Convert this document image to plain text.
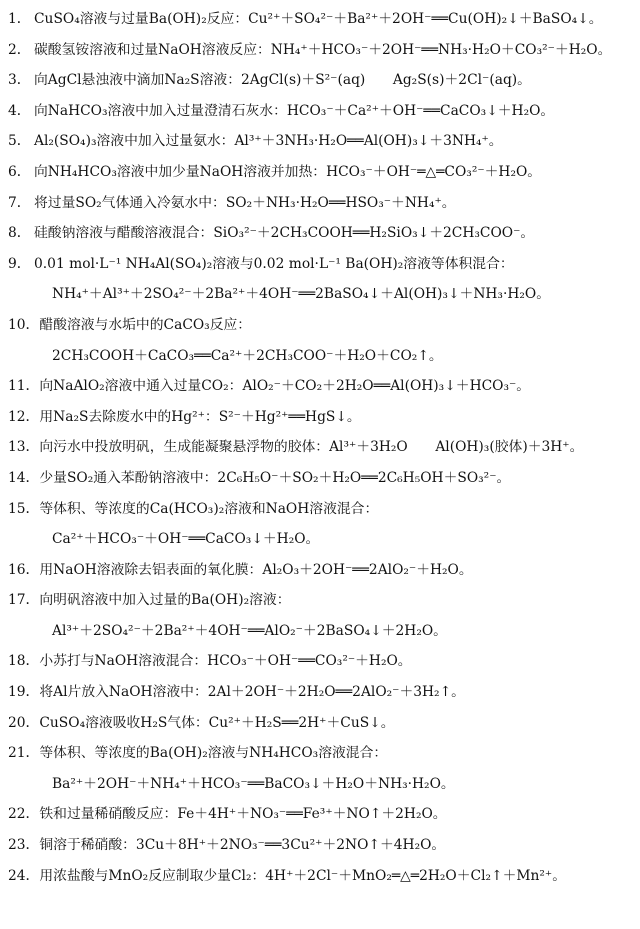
1． CuSO₄溶液与过量Ba(OH)₂反应：Cu²⁺＋SO₄²⁻＋Ba²⁺＋2OH⁻══Cu(OH)₂↓＋BaSO₄↓。
2． 碳酸氢铵溶液和过量NaOH溶液反应：NH₄⁺＋HCO₃⁻＋2OH⁻══NH₃·H₂O＋CO₃²⁻＋H₂O。
3． 向AgCl悬浊液中滴加Na₂S溶液：2AgCl(s)＋S²⁻(aq)　　Ag₂S(s)＋2Cl⁻(aq)。
4． 向NaHCO₃溶液中加入过量澄清石灰水：HCO₃⁻＋Ca²⁺＋OH⁻══CaCO₃↓＋H₂O。
5． Al₂(SO₄)₃溶液中加入过量氨水：Al³⁺＋3NH₃·H₂O══Al(OH)₃↓＋3NH₄⁺。
6． 向NH₄HCO₃溶液中加少量NaOH溶液并加热：HCO₃⁻＋OH⁻═△═CO₃²⁻＋H₂O。
7． 将过量SO₂气体通入冷氨水中：SO₂＋NH₃·H₂O══HSO₃⁻＋NH₄⁺。
8． 硅酸钠溶液与醋酸溶液混合：SiO₃²⁻＋2CH₃COOH══H₂SiO₃↓＋2CH₃COO⁻。
9． 0.01 mol·L⁻¹ NH₄Al(SO₄)₂溶液与0.02 mol·L⁻¹ Ba(OH)₂溶液等体积混合：
NH₄⁺＋Al³⁺＋2SO₄²⁻＋2Ba²⁺＋4OH⁻══2BaSO₄↓＋Al(OH)₃↓＋NH₃·H₂O。
10．醋酸溶液与水垢中的CaCO₃反应：
2CH₃COOH＋CaCO₃══Ca²⁺＋2CH₃COO⁻＋H₂O＋CO₂↑。
11．向NaAlO₂溶液中通入过量CO₂：AlO₂⁻＋CO₂＋2H₂O══Al(OH)₃↓＋HCO₃⁻。
12．用Na₂S去除废水中的Hg²⁺：S²⁻＋Hg²⁺══HgS↓。
13．向污水中投放明矾，生成能凝聚悬浮物的胶体：Al³⁺＋3H₂O　　Al(OH)₃(胶体)＋3H⁺。
14．少量SO₂通入苯酚钠溶液中：2C₆H₅O⁻＋SO₂＋H₂O══2C₆H₅OH＋SO₃²⁻。
15．等体积、等浓度的Ca(HCO₃)₂溶液和NaOH溶液混合：
Ca²⁺＋HCO₃⁻＋OH⁻══CaCO₃↓＋H₂O。
16．用NaOH溶液除去铝表面的氧化膜：Al₂O₃＋2OH⁻══2AlO₂⁻＋H₂O。
17．向明矾溶液中加入过量的Ba(OH)₂溶液：
Al³⁺＋2SO₄²⁻＋2Ba²⁺＋4OH⁻══AlO₂⁻＋2BaSO₄↓＋2H₂O。
18．小苏打与NaOH溶液混合：HCO₃⁻＋OH⁻══CO₃²⁻＋H₂O。
19．将Al片放入NaOH溶液中：2Al＋2OH⁻＋2H₂O══2AlO₂⁻＋3H₂↑。
20．CuSO₄溶液吸收H₂S气体：Cu²⁺＋H₂S══2H⁺＋CuS↓。
21．等体积、等浓度的Ba(OH)₂溶液与NH₄HCO₃溶液混合：
Ba²⁺＋2OH⁻＋NH₄⁺＋HCO₃⁻══BaCO₃↓＋H₂O＋NH₃·H₂O。
22．铁和过量稀硝酸反应：Fe＋4H⁺＋NO₃⁻══Fe³⁺＋NO↑＋2H₂O。
23．铜溶于稀硝酸：3Cu＋8H⁺＋2NO₃⁻══3Cu²⁺＋2NO↑＋4H₂O。
24．用浓盐酸与MnO₂反应制取少量Cl₂：4H⁺＋2Cl⁻＋MnO₂═△═2H₂O＋Cl₂↑＋Mn²⁺。
